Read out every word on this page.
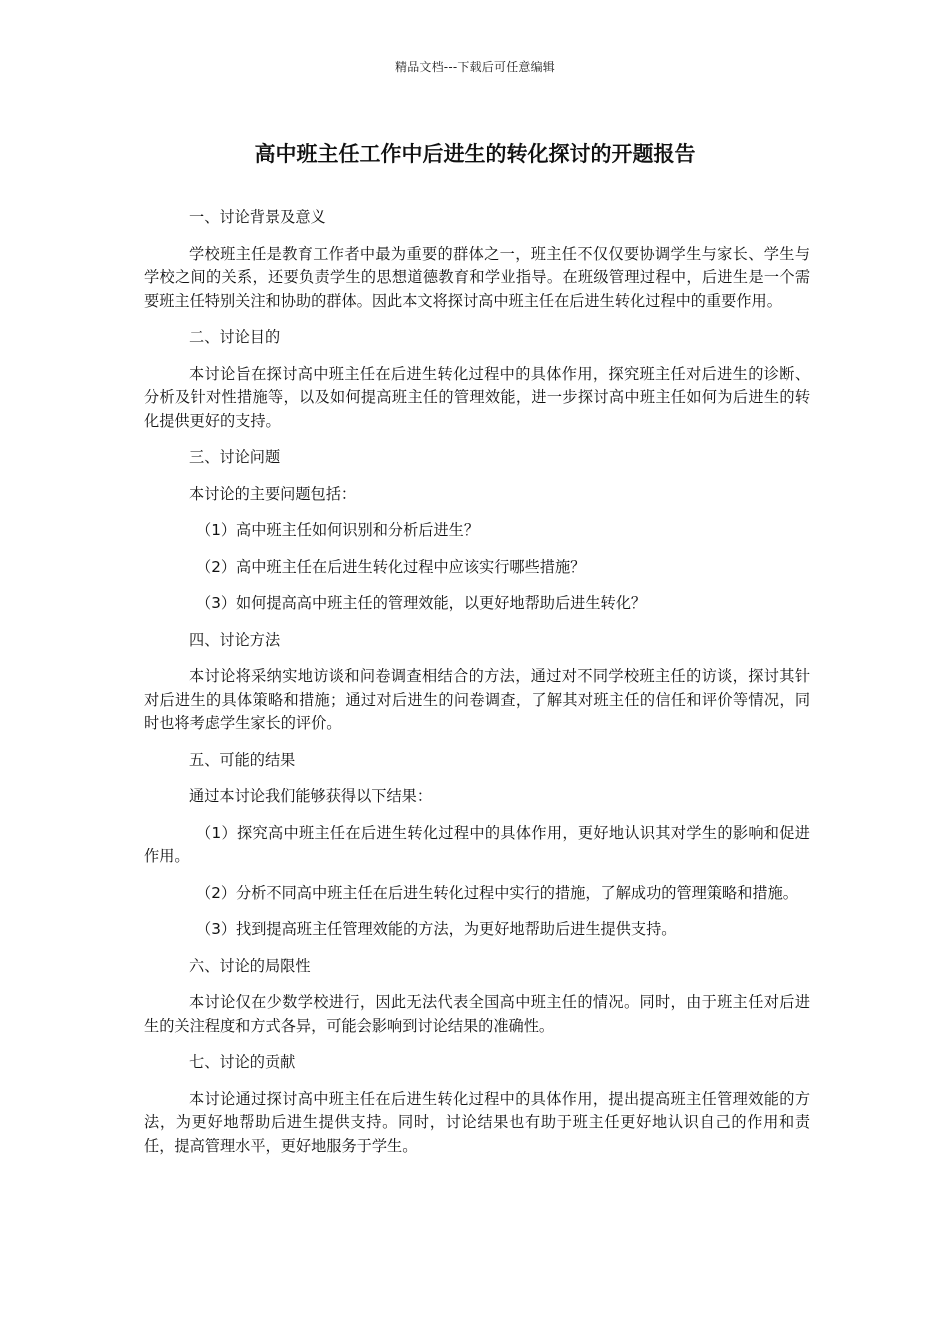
精品文档---下载后可任意编辑
高中班主任工作中后进生的转化探讨的开题报告

一、讨论背景及意义

学校班主任是教育工作者中最为重要的群体之一，班主任不仅仅要协调学生与家长、学生与学校之间的关系，还要负责学生的思想道德教育和学业指导。在班级管理过程中，后进生是一个需要班主任特别关注和协助的群体。因此本文将探讨高中班主任在后进生转化过程中的重要作用。

二、讨论目的

本讨论旨在探讨高中班主任在后进生转化过程中的具体作用，探究班主任对后进生的诊断、分析及针对性措施等，以及如何提高班主任的管理效能，进一步探讨高中班主任如何为后进生的转化提供更好的支持。

三、讨论问题

本讨论的主要问题包括：

（1）高中班主任如何识别和分析后进生？

（2）高中班主任在后进生转化过程中应该实行哪些措施？

（3）如何提高高中班主任的管理效能，以更好地帮助后进生转化？

四、讨论方法

本讨论将采纳实地访谈和问卷调查相结合的方法，通过对不同学校班主任的访谈，探讨其针对后进生的具体策略和措施；通过对后进生的问卷调查，了解其对班主任的信任和评价等情况，同时也将考虑学生家长的评价。

五、可能的结果

通过本讨论我们能够获得以下结果：

（1）探究高中班主任在后进生转化过程中的具体作用，更好地认识其对学生的影响和促进作用。

（2）分析不同高中班主任在后进生转化过程中实行的措施，了解成功的管理策略和措施。

（3）找到提高班主任管理效能的方法，为更好地帮助后进生提供支持。

六、讨论的局限性

本讨论仅在少数学校进行，因此无法代表全国高中班主任的情况。同时，由于班主任对后进生的关注程度和方式各异，可能会影响到讨论结果的准确性。

七、讨论的贡献

本讨论通过探讨高中班主任在后进生转化过程中的具体作用，提出提高班主任管理效能的方法，为更好地帮助后进生提供支持。同时，讨论结果也有助于班主任更好地认识自己的作用和责任，提高管理水平，更好地服务于学生。
